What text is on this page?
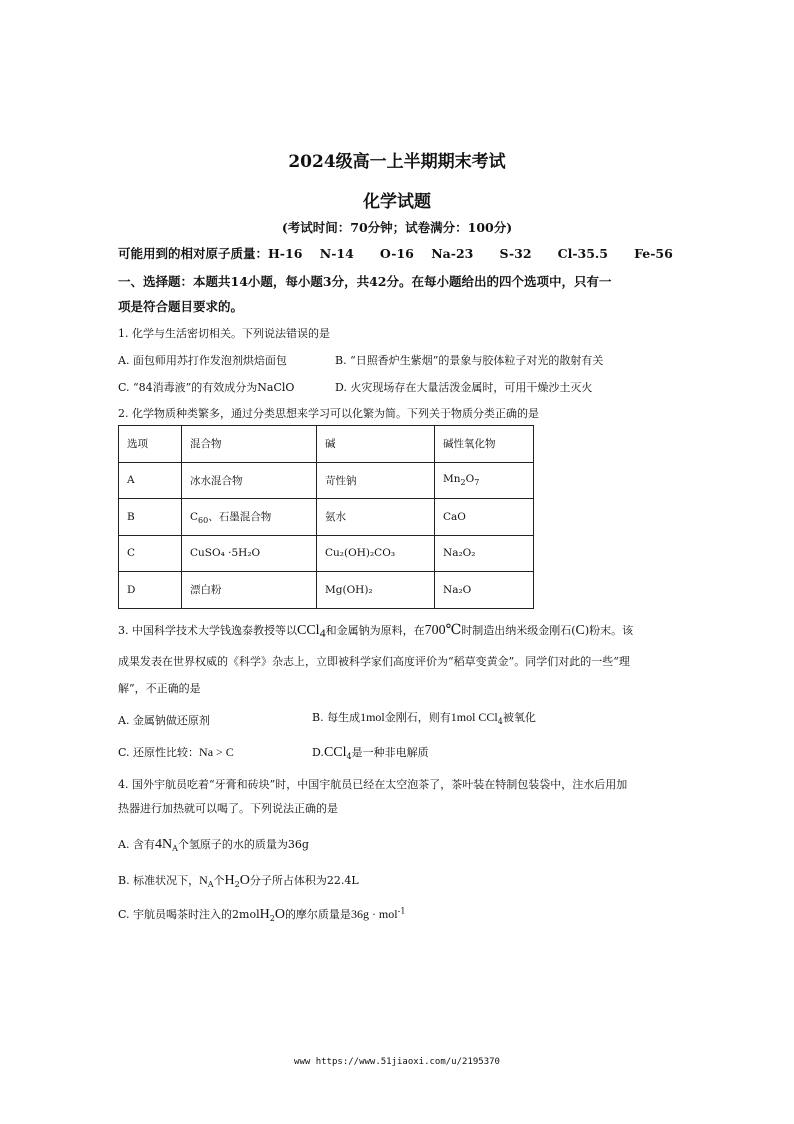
2024级高一上半期期末考试
化学试题
(考试时间：70分钟；试卷满分：100分)
可能用到的相对原子质量：H-16    N-14      O-16    Na-23      S-32      Cl-35.5      Fe-56
一、选择题：本题共14小题，每小题3分，共42分。在每小题给出的四个选项中，只有一
项是符合题目要求的。
1. 化学与生活密切相关。下列说法错误的是
A. 面包师用苏打作发泡剂烘焙面包	B. “日照香炉生紫烟”的景象与胶体粒子对光的散射有关
C. “84消毒液”的有效成分为NaClO	D. 火灾现场存在大量活泼金属时，可用干燥沙土灭火
2. 化学物质种类繁多，通过分类思想来学习可以化繁为简。下列关于物质分类正确的是
选项	混合物	碱	碱性氧化物
A	冰水混合物	苛性钠	$Mn_2O_7$
B	$C_{60}$、石墨混合物	氨水	CaO
C	CuSO₄ ·5H₂O	Cu₂(OH)₂CO₃	Na₂O₂
D	漂白粉	Mg(OH)₂	Na₂O
3. 中国科学技术大学钱逸泰教授等以CCl$_4$和金属钠为原料，在700℃时制造出纳米级金刚石(C)粉末。该
成果发表在世界权威的《科学》杂志上，立即被科学家们高度评价为“稻草变黄金”。同学们对此的一些“理
解”，不正确的是
A. 金属钠做还原剂	B. 每生成1mol金刚石，则有1mol CCl$_4$被氧化
C. 还原性比较：Na > C	D.CCl$_4$是一种非电解质
4. 国外宇航员吃着“牙膏和砖块”时，中国宇航员已经在太空泡茶了，茶叶装在特制包装袋中，注水后用加
热器进行加热就可以喝了。下列说法正确的是
A. 含有$4N_A$个氢原子的水的质量为36g
B. 标准状况下，$N_A$个$H_2O$分子所占体积为22.4L
C. 宇航员喝茶时注入的2molH$_2$O的摩尔质量是36g · mol$^{-1}$
www https://www.51jiaoxi.com/u/2195370
